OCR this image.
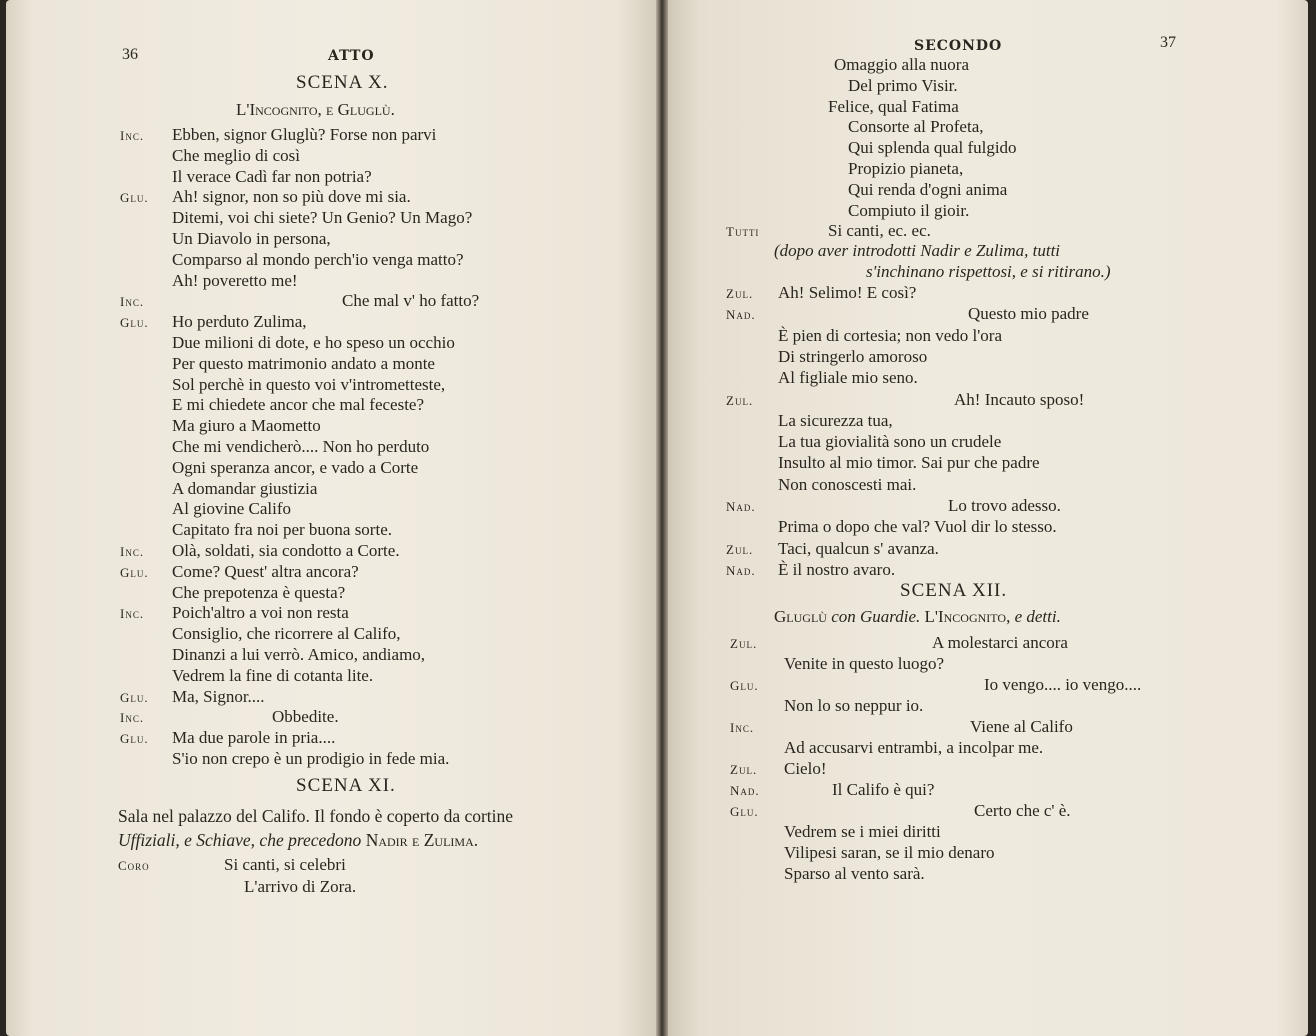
36	ATTO
SCENA X.
L'Incognito, e Gluglù.
Inc. Ebben, signor Gluglù? Forse non parvi
Che meglio di così
Il verace Cadì far non potria?
Glu. Ah! signor, non so più dove mi sia.
Ditemi, voi chi siete? Un Genio? Un Mago?
Un Diavolo in persona,
Comparso al mondo perch'io venga matto?
Ah! poveretto me!
Inc.	Che mal v' ho fatto?
Glu. Ho perduto Zulima,
Due milioni di dote, e ho speso un occhio
Per questo matrimonio andato a monte
Sol perchè in questo voi v'intrometteste,
E mi chiedete ancor che mal feceste?
Ma giuro a Maometto
Che mi vendicherò.... Non ho perduto
Ogni speranza ancor, e vado a Corte
A domandar giustizia
Al giovine Califo
Capitato fra noi per buona sorte.
Inc. Olà, soldati, sia condotto a Corte.
Glu. Come? Quest' altra ancora?
Che prepotenza è questa?
Inc. Poich'altro a voi non resta
Consiglio, che ricorrere al Califo,
Dinanzi a lui verrò. Amico, andiamo,
Vedrem la fine di cotanta lite.
Glu. Ma, Signor....
Inc.	Obbedite.
Glu. Ma due parole in pria....
S'io non crepo è un prodigio in fede mia.
SCENA XI.
Sala nel palazzo del Califo. Il fondo è coperto da cortine
Uffiziali, e Schiave, che precedono Nadir e Zulima.
Coro	Si canti, si celebri
L'arrivo di Zora.
SECONDO	37
Omaggio alla nuora
Del primo Visir.
Felice, qual Fatima
Consorte al Profeta,
Qui splenda qual fulgido
Propizio pianeta,
Qui renda d'ogni anima
Compiuto il gioir.
Tutti	Si canti, ec. ec.
(dopo aver introdotti Nadir e Zulima, tutti
s'inchinano rispettosi, e si ritirano.)
Zul. Ah! Selimo! E così?
Nad.	Questo mio padre
È pien di cortesia; non vedo l'ora
Di stringerlo amoroso
Al figliale mio seno.
Zul.	Ah! Incauto sposo!
La sicurezza tua,
La tua giovialità sono un crudele
Insulto al mio timor. Sai pur che padre
Non conoscesti mai.
Nad.	Lo trovo adesso.
Prima o dopo che val? Vuol dir lo stesso.
Zul. Taci, qualcun s' avanza.
Nad. È il nostro avaro.
SCENA XII.
Gluglù con Guardie. L'Incognito, e detti.
Zul.	A molestarci ancora
Venite in questo luogo?
Glu.	Io vengo.... io vengo....
Non lo so neppur io.
Inc.	Viene al Califo
Ad accusarvi entrambi, a incolpar me.
Zul. Cielo!
Nad.	Il Califo è qui?
Glu.	Certo che c' è.
Vedrem se i miei diritti
Vilipesi saran, se il mio denaro
Sparso al vento sarà.
